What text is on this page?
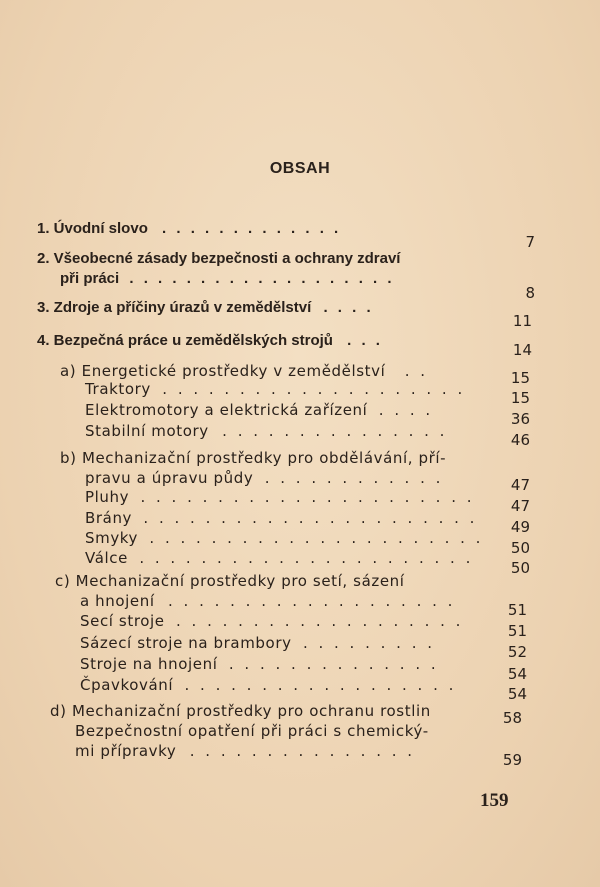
OBSAH
1. Úvodní slovo . . . . . . . . . . . . .
7
2. Všeobecné zásady bezpečnosti a ochrany zdraví
při práci . . . . . . . . . . . . . . . . . . .
8
3. Zdroje a příčiny úrazů v zemědělství . . . .
11
4. Bezpečná práce u zemědělských strojů . . .
14
a) Energetické prostředky v zemědělství . .	15
Traktory . . . . . . . . . . . . . . . . . . . .	15
Elektromotory a elektrická zařízení . . . .	36
Stabilní motory . . . . . . . . . . . . . . .	46
b) Mechanizační prostředky pro obdělávání, pří-
pravu a úpravu půdy . . . . . . . . . . . .	47
Pluhy . . . . . . . . . . . . . . . . . . . . . .	47
Brány . . . . . . . . . . . . . . . . . . . . . .	49
Smyky . . . . . . . . . . . . . . . . . . . . . .
50
Válce . . . . . . . . . . . . . . . . . . . . . .
50
c) Mechanizační prostředky pro setí, sázení
a hnojení . . . . . . . . . . . . . . . . . . .	51
Secí stroje . . . . . . . . . . . . . . . . . . .
51
Sázecí stroje na brambory . . . . . . . . .	52
Stroje na hnojení . . . . . . . . . . . . . .
54
Čpavkování . . . . . . . . . . . . . . . . . .	54
d) Mechanizační prostředky pro ochranu rostlin	58
Bezpečnostní opatření při práci s chemický-
mi přípravky . . . . . . . . . . . . . . .	59
159
